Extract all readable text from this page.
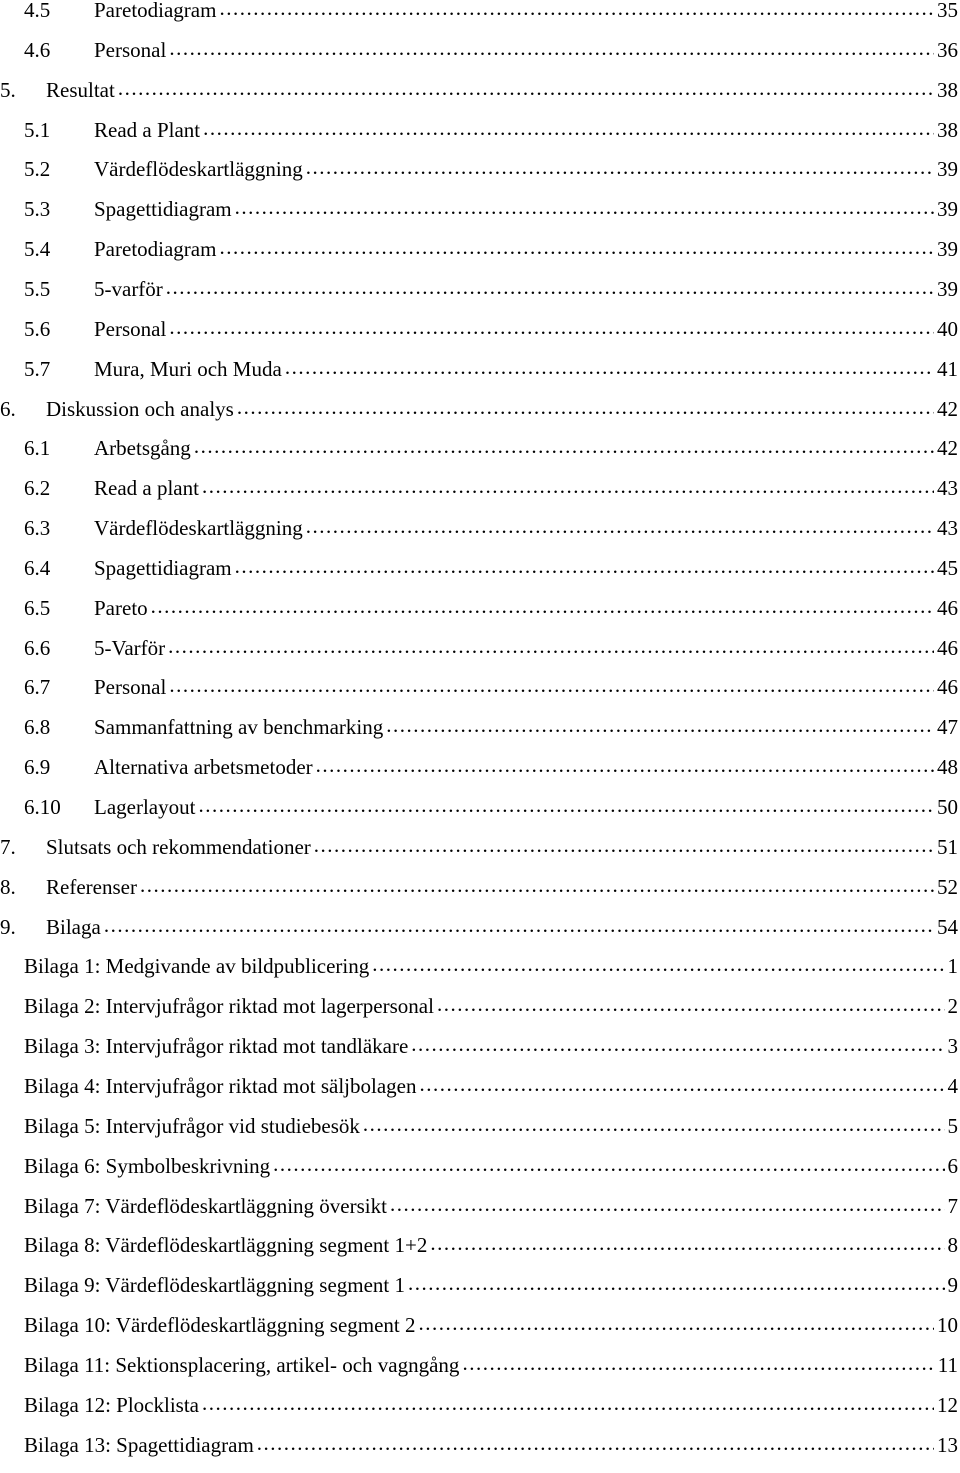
4.5	Paretodiagram .....	35
4.6	Personal .....	36
5.	Resultat .....	38
5.1	Read a Plant .....	38
5.2	Värdeflödeskartläggning .....	39
5.3	Spagettidiagram .....	39
5.4	Paretodiagram .....	39
5.5	5-varför .....	39
5.6	Personal .....	40
5.7	Mura, Muri och Muda .....	41
6.	Diskussion och analys .....	42
6.1	Arbetsgång .....	42
6.2	Read a plant .....	43
6.3	Värdeflödeskartläggning .....	43
6.4	Spagettidiagram .....	45
6.5	Pareto .....	46
6.6	5-Varför .....	46
6.7	Personal .....	46
6.8	Sammanfattning av benchmarking .....	47
6.9	Alternativa arbetsmetoder .....	48
6.10	Lagerlayout .....	50
7.	Slutsats och rekommendationer .....	51
8.	Referenser .....	52
9.	Bilaga .....	54
Bilaga 1: Medgivande av bildpublicering .....	1
Bilaga 2: Intervjufrågor riktad mot lagerpersonal .....	2
Bilaga 3: Intervjufrågor riktad mot tandläkare .....	3
Bilaga 4: Intervjufrågor riktad mot säljbolagen .....	4
Bilaga 5: Intervjufrågor vid studiebesök .....	5
Bilaga 6: Symbolbeskrivning .....	6
Bilaga 7: Värdeflödeskartläggning översikt .....	7
Bilaga 8: Värdeflödeskartläggning segment 1+2 .....	8
Bilaga 9: Värdeflödeskartläggning segment 1 .....	9
Bilaga 10: Värdeflödeskartläggning segment 2 .....	10
Bilaga 11: Sektionsplacering, artikel- och vagngång .....	11
Bilaga 12: Plocklista .....	12
Bilaga 13: Spagettidiagram .....	13
